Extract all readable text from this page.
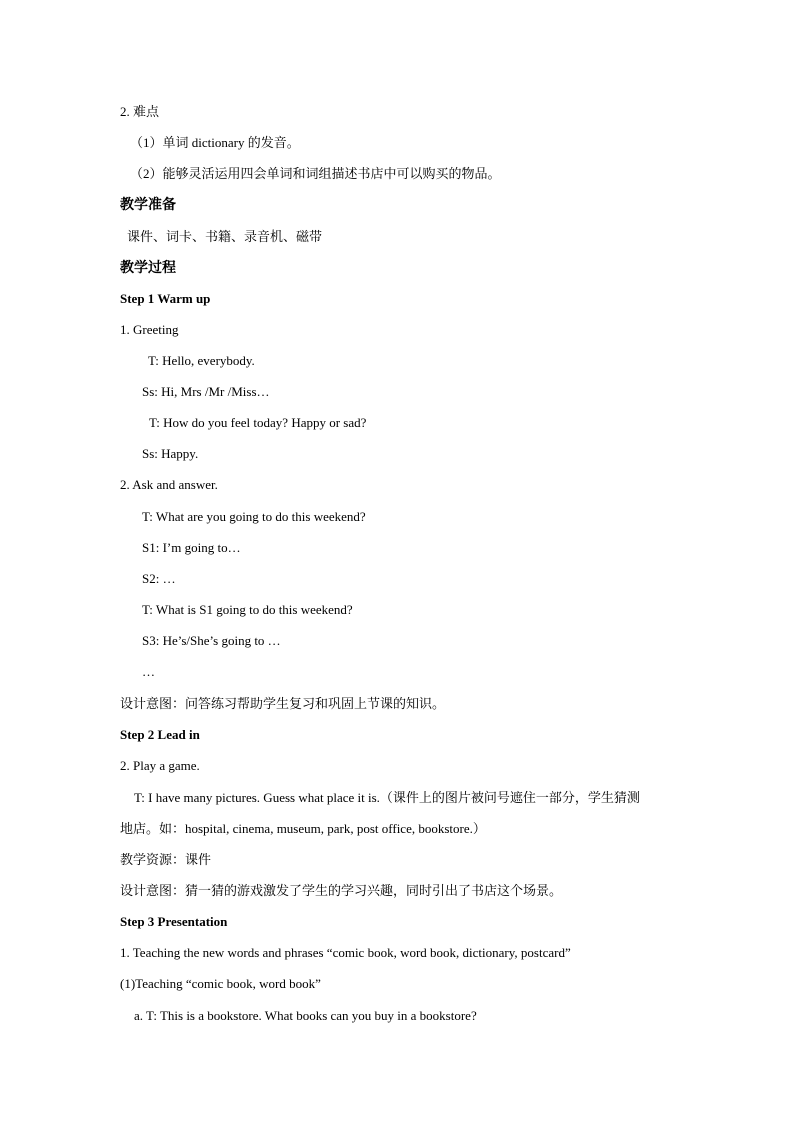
2. 难点
（1）单词 dictionary 的发音。
（2）能够灵活运用四会单词和词组描述书店中可以购买的物品。
教学准备
课件、词卡、书籍、录音机、磁带
教学过程
Step 1 Warm up
1. Greeting
T: Hello, everybody.
Ss: Hi, Mrs /Mr /Miss…
T: How do you feel today? Happy or sad?
Ss: Happy.
2. Ask and answer.
T: What are you going to do this weekend?
S1: I’m going to…
S2: …
T: What is S1 going to do this weekend?
S3: He’s/She’s going to …
…
设计意图：问答练习帮助学生复习和巩固上节课的知识。
Step 2 Lead in
2. Play a game.
T: I have many pictures. Guess what place it is.（课件上的图片被问号遮住一部分，学生猜测
地店。如：hospital, cinema, museum, park, post office, bookstore.）
教学资源：课件
设计意图：猜一猜的游戏激发了学生的学习兴趣，同时引出了书店这个场景。
Step 3 Presentation
1. Teaching the new words and phrases “comic book, word book, dictionary, postcard”
(1)Teaching “comic book, word book”
a. T: This is a bookstore. What books can you buy in a bookstore?
